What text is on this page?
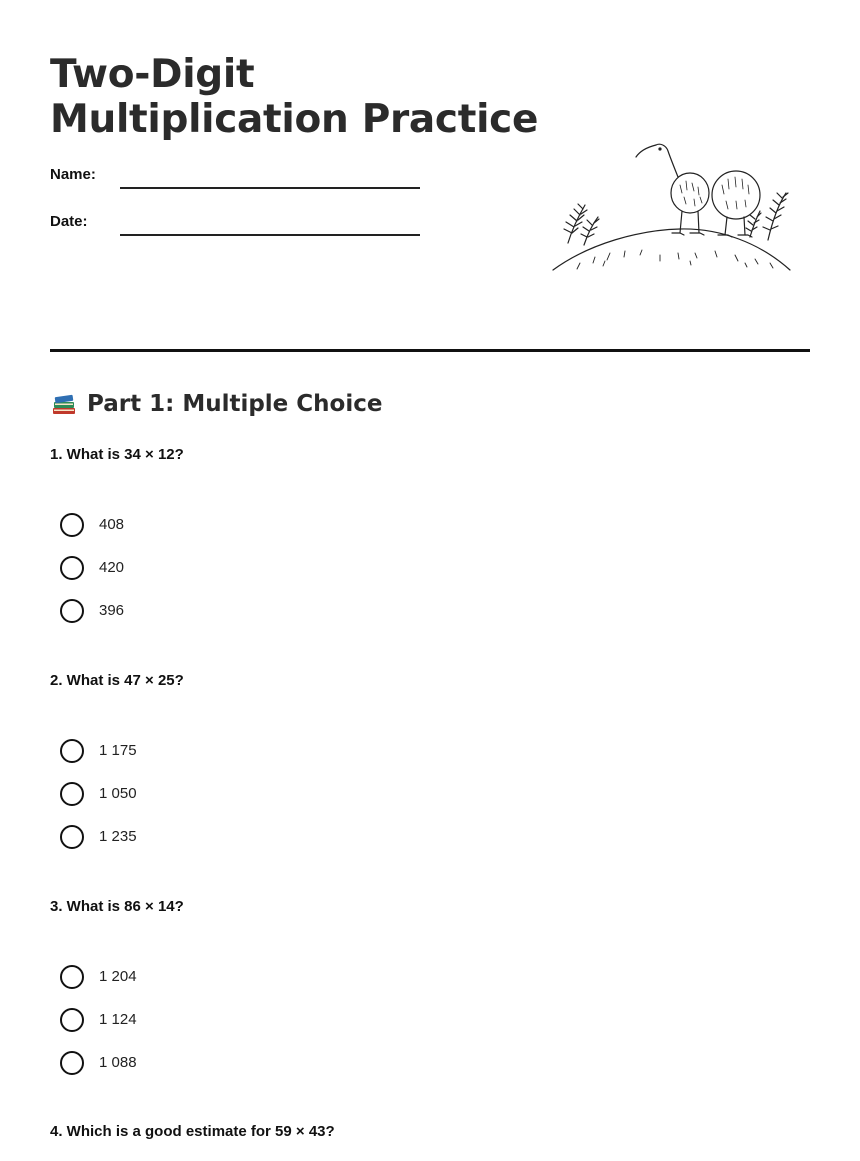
Two-Digit
Multiplication Practice
Name:
Date:
Part 1: Multiple Choice

1. What is 34 × 12?

408
420
396

2. What is 47 × 25?

1 175
1 050
1 235

3. What is 86 × 14?

1 204
1 124
1 088

4. Which is a good estimate for 59 × 43?
